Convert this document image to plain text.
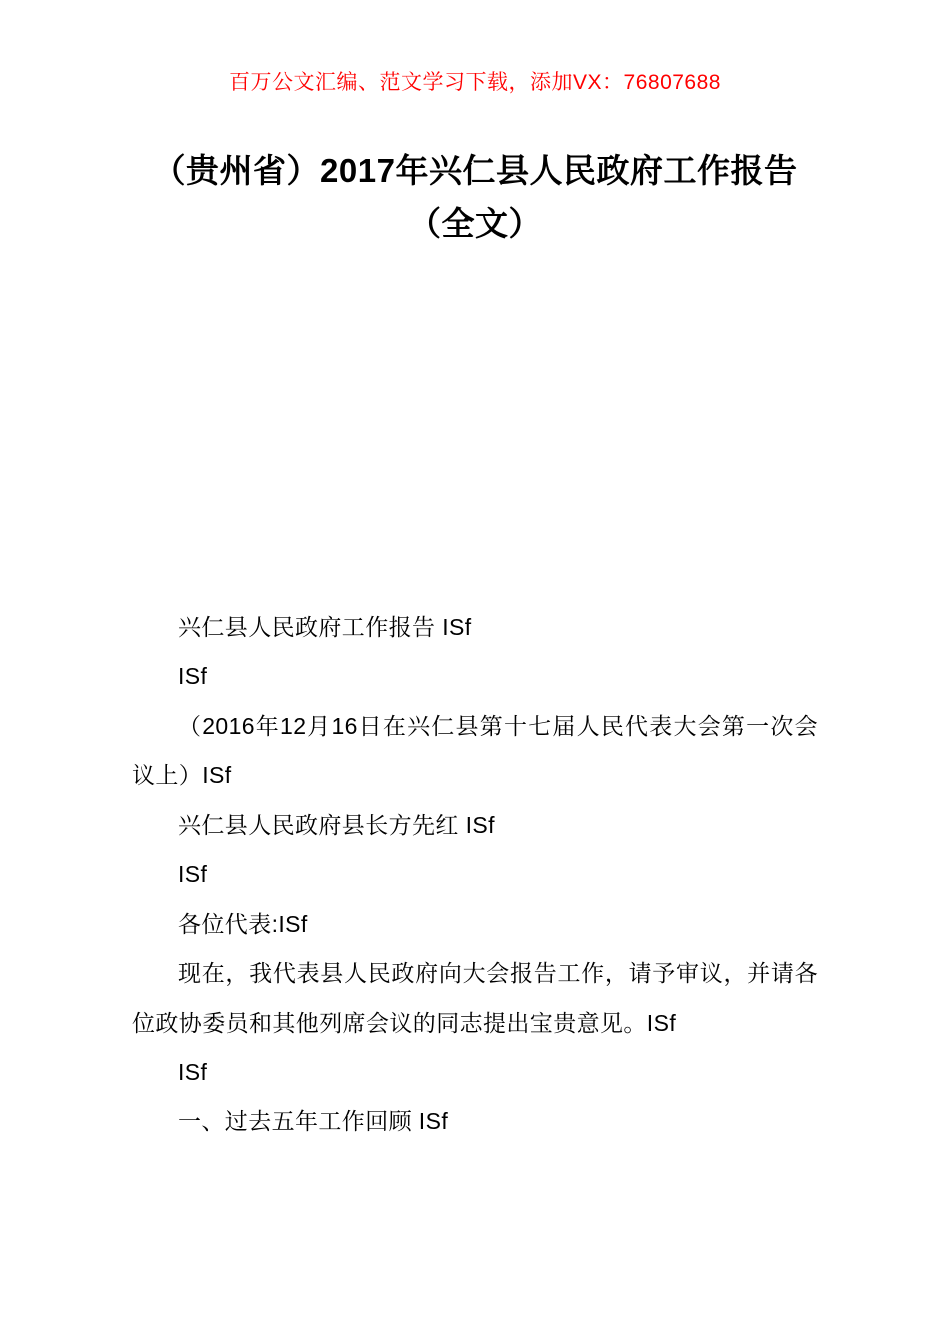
百万公文汇编、范文学习下载，添加VX：76807688
（贵州省）2017年兴仁县人民政府工作报告（全文）

兴仁县人民政府工作报告 ISf

ISf

（2016年12月16日在兴仁县第十七届人民代表大会第一次会议上）ISf

兴仁县人民政府县长方先红 ISf

ISf

各位代表:ISf

现在，我代表县人民政府向大会报告工作，请予审议，并请各位政协委员和其他列席会议的同志提出宝贵意见。ISf

ISf

一、过去五年工作回顾 ISf
